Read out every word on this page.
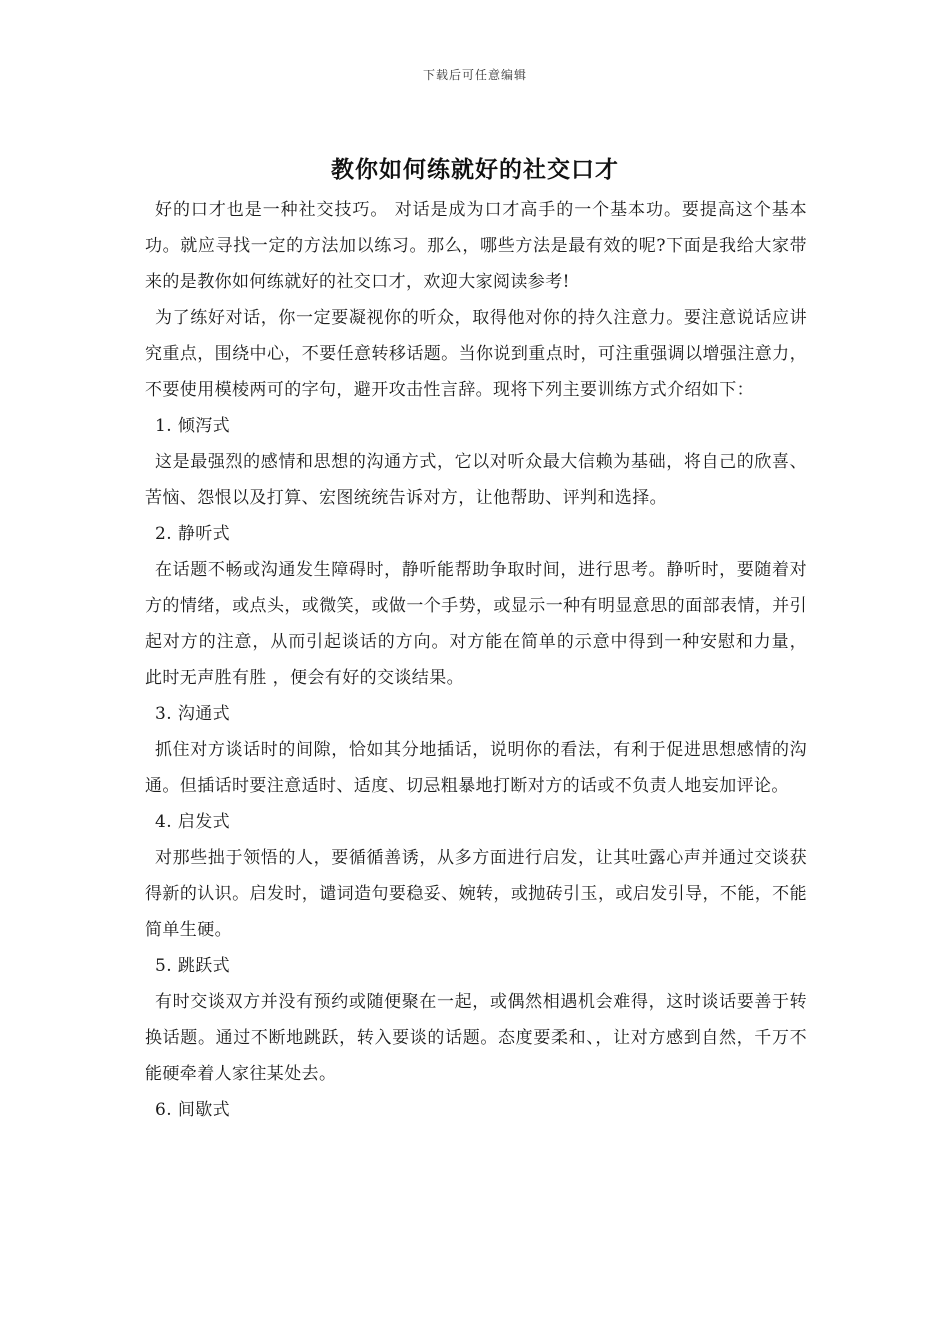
下载后可任意编辑
教你如何练就好的社交口才

好的口才也是一种社交技巧。 对话是成为口才高手的一个基本功。要提高这个基本功。就应寻找一定的方法加以练习。那么，哪些方法是最有效的呢?下面是我给大家带来的是教你如何练就好的社交口才，欢迎大家阅读参考!

为了练好对话，你一定要凝视你的听众，取得他对你的持久注意力。要注意说话应讲究重点，围绕中心，不要任意转移话题。当你说到重点时，可注重强调以增强注意力，不要使用模棱两可的字句，避开攻击性言辞。现将下列主要训练方式介绍如下：

1. 倾泻式

这是最强烈的感情和思想的沟通方式，它以对听众最大信赖为基础，将自己的欣喜、苦恼、怨恨以及打算、宏图统统告诉对方，让他帮助、评判和选择。

2. 静听式

在话题不畅或沟通发生障碍时，静听能帮助争取时间，进行思考。静听时，要随着对方的情绪，或点头，或微笑，或做一个手势，或显示一种有明显意思的面部表情，并引起对方的注意，从而引起谈话的方向。对方能在简单的示意中得到一种安慰和力量， 此时无声胜有胜 ，便会有好的交谈结果。

3. 沟通式

抓住对方谈话时的间隙，恰如其分地插话，说明你的看法，有利于促进思想感情的沟通。但插话时要注意适时、适度、切忌粗暴地打断对方的话或不负责人地妄加评论。

4. 启发式

对那些拙于领悟的人，要循循善诱，从多方面进行启发，让其吐露心声并通过交谈获得新的认识。启发时，谴词造句要稳妥、婉转，或抛砖引玉，或启发引导，不能，不能简单生硬。

5. 跳跃式

有时交谈双方并没有预约或随便聚在一起，或偶然相遇机会难得，这时谈话要善于转换话题。通过不断地跳跃，转入要谈的话题。态度要柔和、，让对方感到自然，千万不能硬牵着人家往某处去。

6. 间歇式
